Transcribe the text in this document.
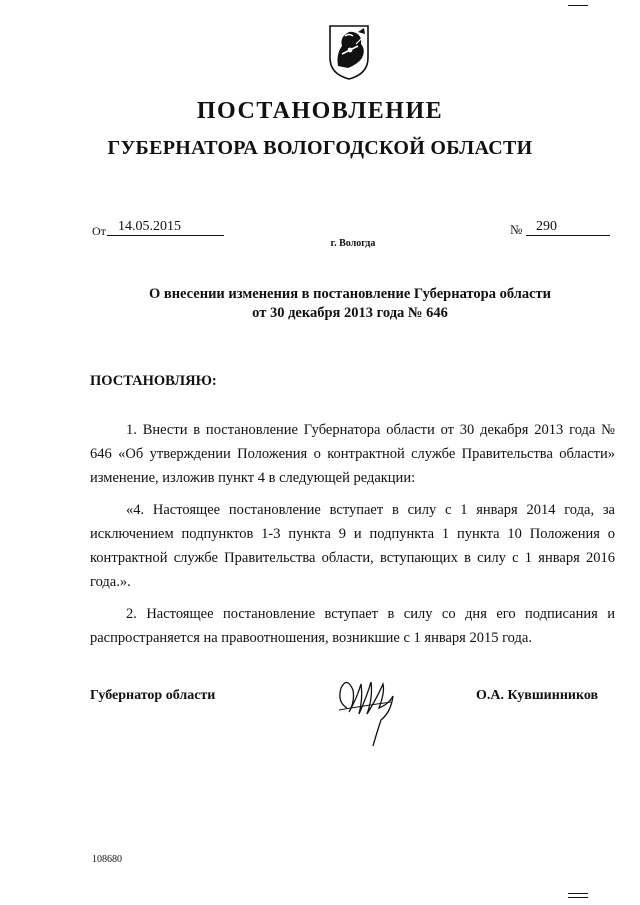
ПОСТАНОВЛЕНИЕ
ГУБЕРНАТОРА ВОЛОГОДСКОЙ ОБЛАСТИ
От 14.05.2015	№ 290
г. Вологда
О внесении изменения в постановление Губернатора области
от 30 декабря 2013 года № 646
ПОСТАНОВЛЯЮ:
1. Внести в постановление Губернатора области от 30 декабря 2013 года № 646 «Об утверждении Положения о контрактной службе Правительства области» изменение, изложив пункт 4 в следующей редакции:
«4. Настоящее постановление вступает в силу с 1 января 2014 года, за исключением подпунктов 1-3 пункта 9 и подпункта 1 пункта 10 Положения о контрактной службе Правительства области, вступающих в силу с 1 января 2016 года.».
2. Настоящее постановление вступает в силу со дня его подписания и распространяется на правоотношения, возникшие с 1 января 2015 года.
Губернатор области	О.А. Кувшинников
108680
